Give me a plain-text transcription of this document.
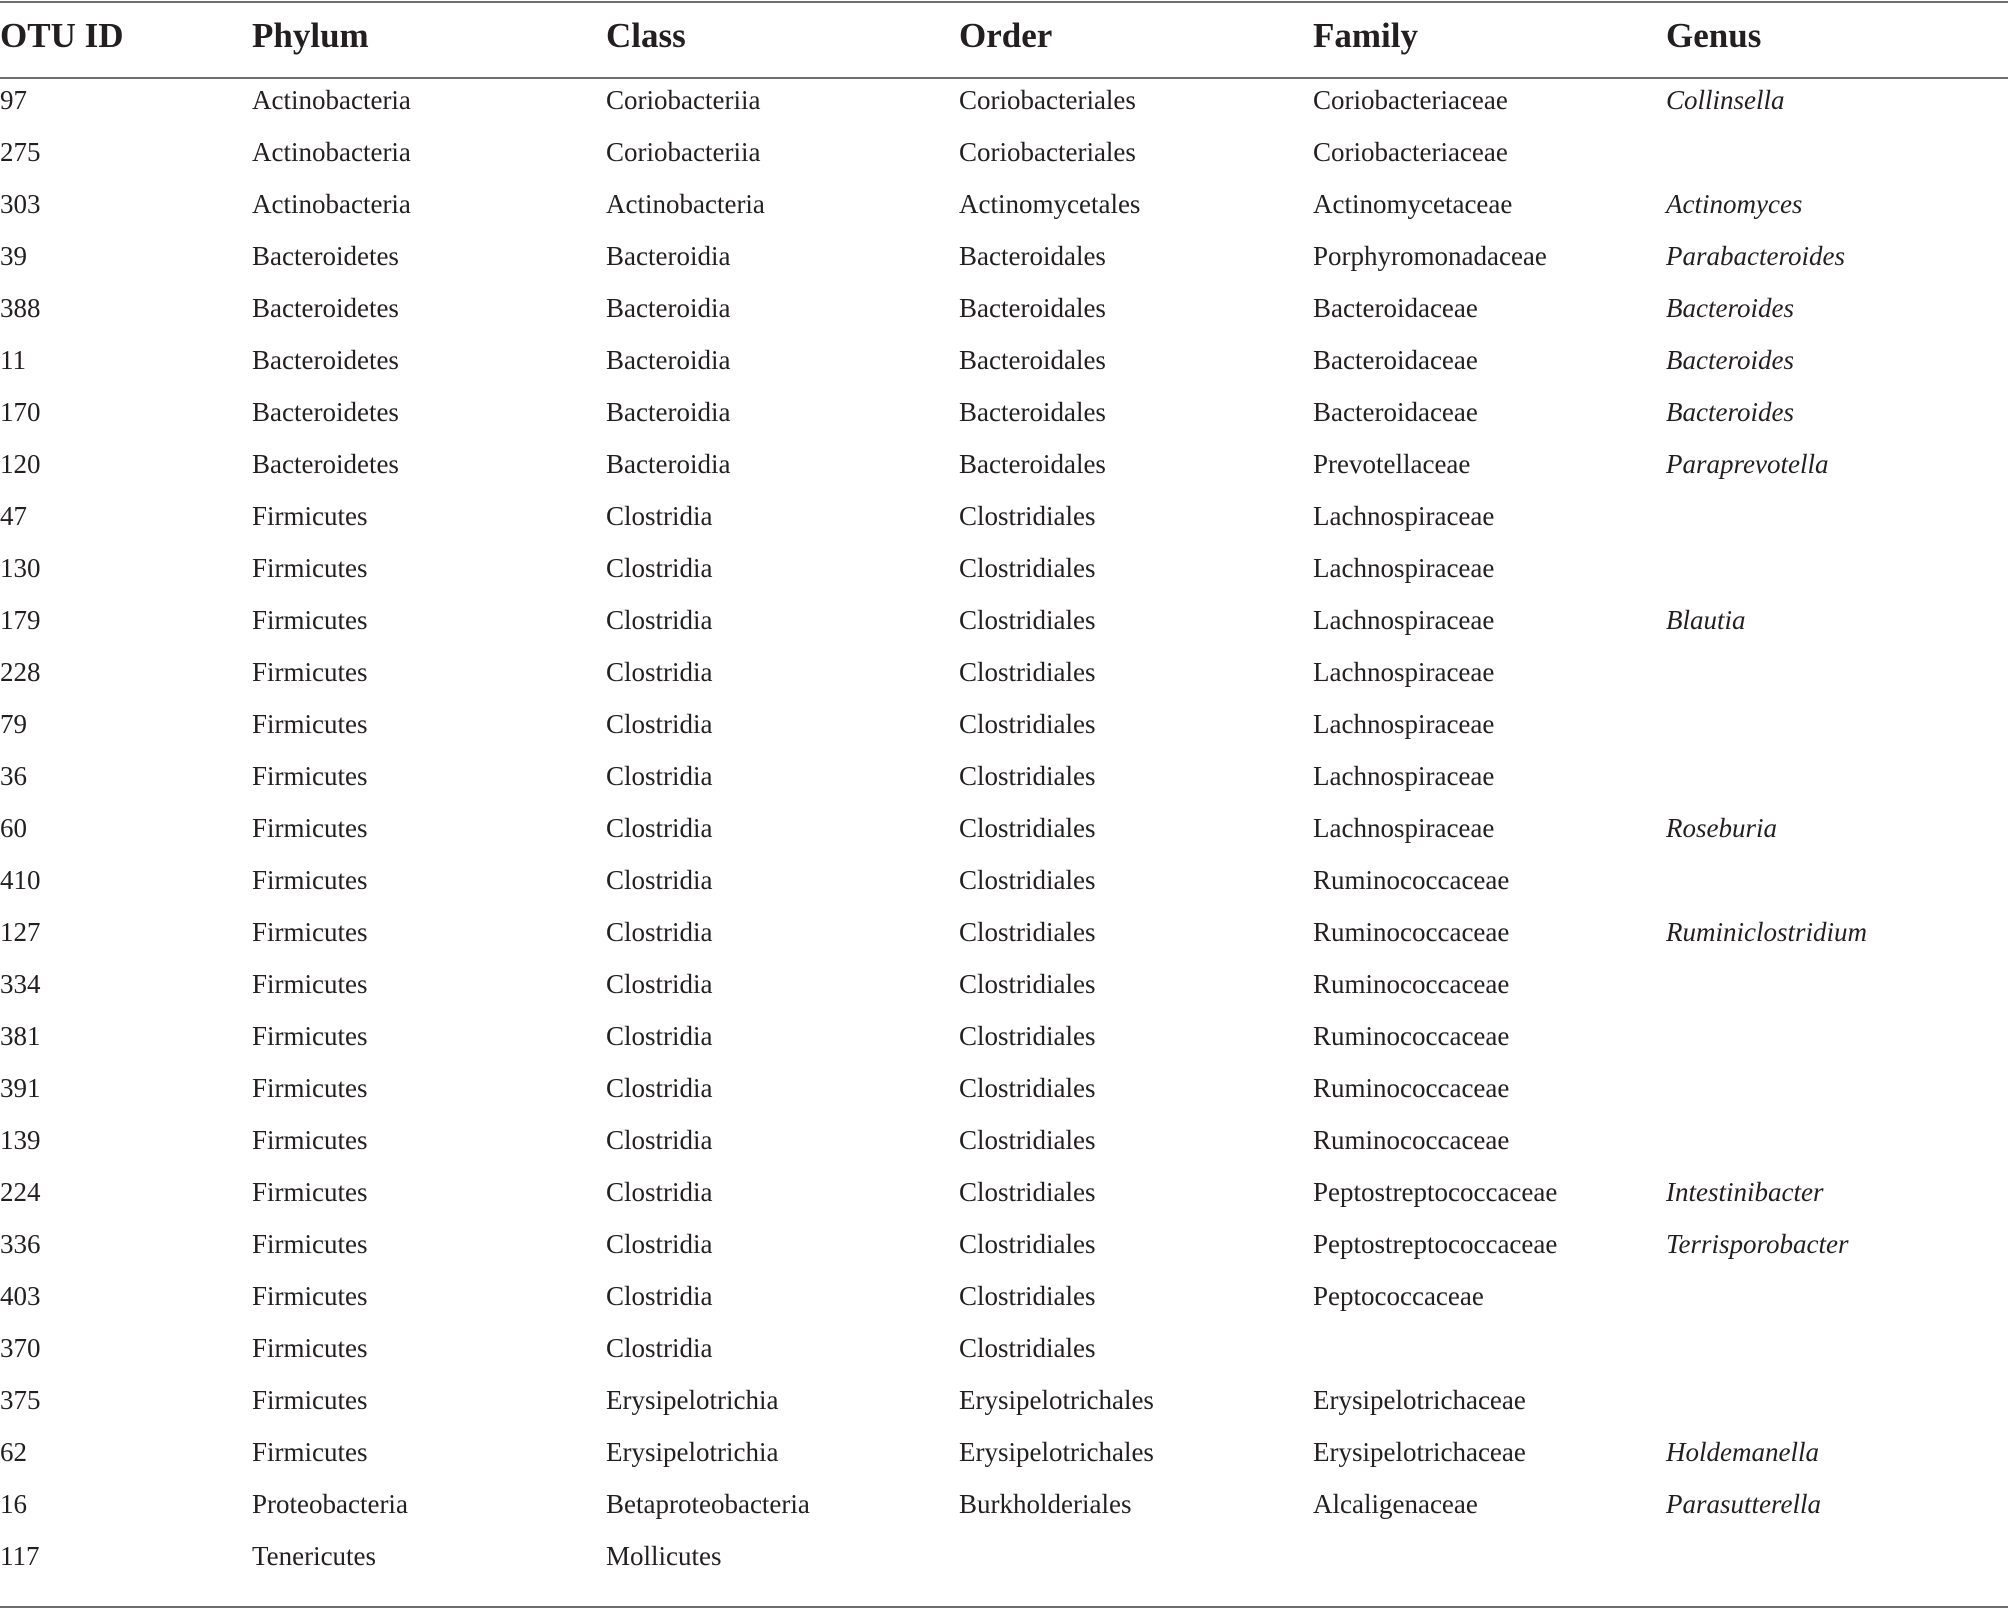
OTU ID	Phylum	Class	Order	Family	Genus
97	Actinobacteria	Coriobacteriia	Coriobacteriales	Coriobacteriaceae	Collinsella
275	Actinobacteria	Coriobacteriia	Coriobacteriales	Coriobacteriaceae	
303	Actinobacteria	Actinobacteria	Actinomycetales	Actinomycetaceae	Actinomyces
39	Bacteroidetes	Bacteroidia	Bacteroidales	Porphyromonadaceae	Parabacteroides
388	Bacteroidetes	Bacteroidia	Bacteroidales	Bacteroidaceae	Bacteroides
11	Bacteroidetes	Bacteroidia	Bacteroidales	Bacteroidaceae	Bacteroides
170	Bacteroidetes	Bacteroidia	Bacteroidales	Bacteroidaceae	Bacteroides
120	Bacteroidetes	Bacteroidia	Bacteroidales	Prevotellaceae	Paraprevotella
47	Firmicutes	Clostridia	Clostridiales	Lachnospiraceae	
130	Firmicutes	Clostridia	Clostridiales	Lachnospiraceae	
179	Firmicutes	Clostridia	Clostridiales	Lachnospiraceae	Blautia
228	Firmicutes	Clostridia	Clostridiales	Lachnospiraceae	
79	Firmicutes	Clostridia	Clostridiales	Lachnospiraceae	
36	Firmicutes	Clostridia	Clostridiales	Lachnospiraceae	
60	Firmicutes	Clostridia	Clostridiales	Lachnospiraceae	Roseburia
410	Firmicutes	Clostridia	Clostridiales	Ruminococcaceae	
127	Firmicutes	Clostridia	Clostridiales	Ruminococcaceae	Ruminiclostridium
334	Firmicutes	Clostridia	Clostridiales	Ruminococcaceae	
381	Firmicutes	Clostridia	Clostridiales	Ruminococcaceae	
391	Firmicutes	Clostridia	Clostridiales	Ruminococcaceae	
139	Firmicutes	Clostridia	Clostridiales	Ruminococcaceae	
224	Firmicutes	Clostridia	Clostridiales	Peptostreptococcaceae	Intestinibacter
336	Firmicutes	Clostridia	Clostridiales	Peptostreptococcaceae	Terrisporobacter
403	Firmicutes	Clostridia	Clostridiales	Peptococcaceae	
370	Firmicutes	Clostridia	Clostridiales		
375	Firmicutes	Erysipelotrichia	Erysipelotrichales	Erysipelotrichaceae	
62	Firmicutes	Erysipelotrichia	Erysipelotrichales	Erysipelotrichaceae	Holdemanella
16	Proteobacteria	Betaproteobacteria	Burkholderiales	Alcaligenaceae	Parasutterella
117	Tenericutes	Mollicutes			
